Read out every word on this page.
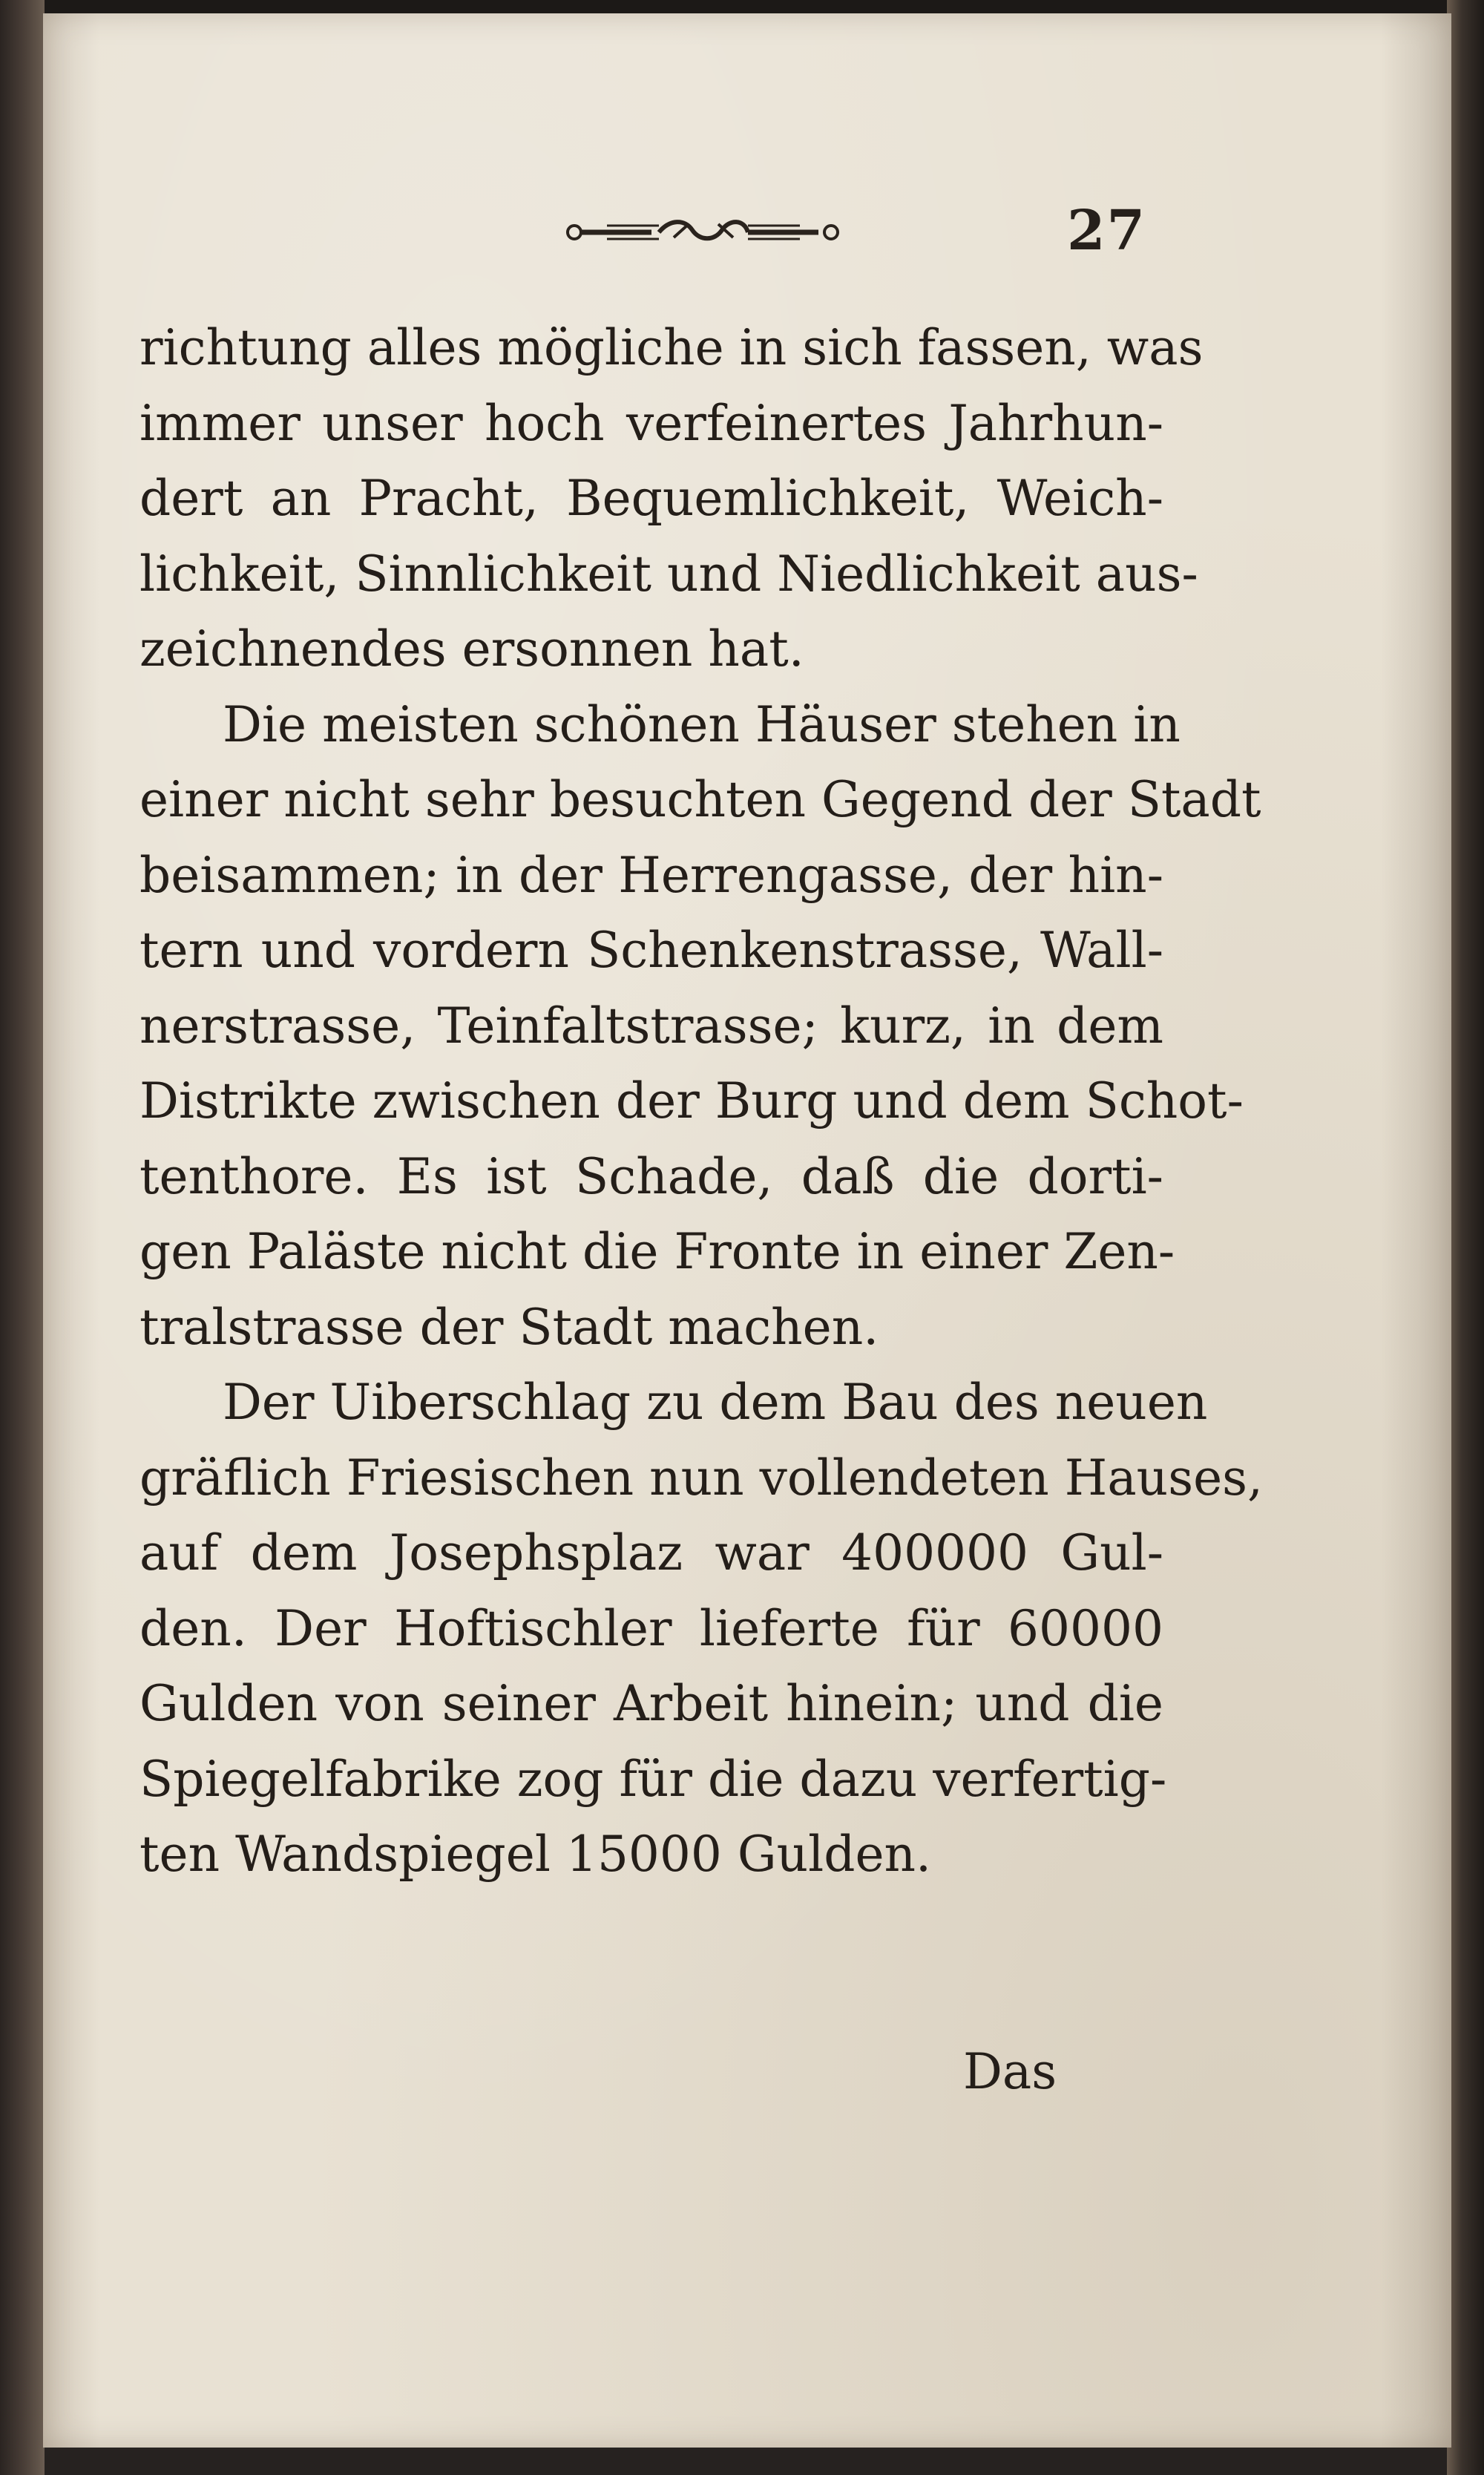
27
richtung alles mögliche in sich fassen, was
immer unser hoch verfeinertes Jahrhun-
dert an Pracht, Bequemlichkeit, Weich-
lichkeit, Sinnlichkeit und Niedlichkeit aus-
zeichnendes ersonnen hat.
Die meisten schönen Häuser stehen in
einer nicht sehr besuchten Gegend der Stadt
beisammen; in der Herrengasse, der hin-
tern und vordern Schenkenstrasse, Wall-
nerstrasse, Teinfaltstrasse; kurz, in dem
Distrikte zwischen der Burg und dem Schot-
tenthore. Es ist Schade, daß die dorti-
gen Paläste nicht die Fronte in einer Zen-
tralstrasse der Stadt machen.
Der Uiberschlag zu dem Bau des neuen
gräflich Friesischen nun vollendeten Hauses,
auf dem Josephsplaz war 400000 Gul-
den. Der Hoftischler lieferte für 60000
Gulden von seiner Arbeit hinein; und die
Spiegelfabrike zog für die dazu verfertig-
ten Wandspiegel 15000 Gulden.
Das
